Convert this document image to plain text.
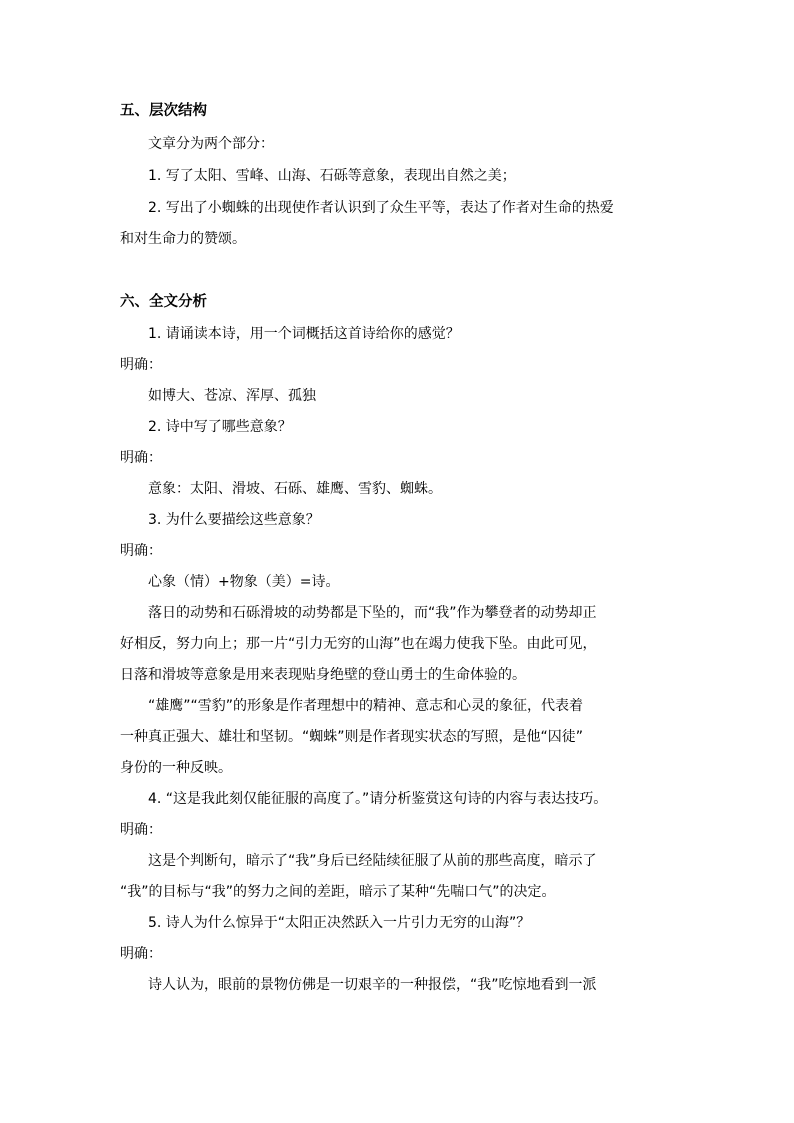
五、层次结构
文章分为两个部分：
1. 写了太阳、雪峰、山海、石砾等意象，表现出自然之美；
2. 写出了小蜘蛛的出现使作者认识到了众生平等，表达了作者对生命的热爱
和对生命力的赞颂。
六、全文分析
1. 请诵读本诗，用一个词概括这首诗给你的感觉？
明确：
如博大、苍凉、浑厚、孤独
2. 诗中写了哪些意象？
明确：
意象：太阳、滑坡、石砾、雄鹰、雪豹、蜘蛛。
3. 为什么要描绘这些意象？
明确：
心象（情）+物象（美）=诗。
落日的动势和石砾滑坡的动势都是下坠的，而“我”作为攀登者的动势却正
好相反，努力向上；那一片“引力无穷的山海”也在竭力使我下坠。由此可见，
日落和滑坡等意象是用来表现贴身绝壁的登山勇士的生命体验的。
“雄鹰”“雪豹”的形象是作者理想中的精神、意志和心灵的象征，代表着
一种真正强大、雄壮和坚韧。“蜘蛛”则是作者现实状态的写照，是他“囚徒”
身份的一种反映。
4. “这是我此刻仅能征服的高度了。”请分析鉴赏这句诗的内容与表达技巧。
明确：
这是个判断句，暗示了“我”身后已经陆续征服了从前的那些高度，暗示了
“我”的目标与“我”的努力之间的差距，暗示了某种“先喘口气”的决定。
5. 诗人为什么惊异于“太阳正决然跃入一片引力无穷的山海”？
明确：
诗人认为，眼前的景物仿佛是一切艰辛的一种报偿，“我”吃惊地看到一派
